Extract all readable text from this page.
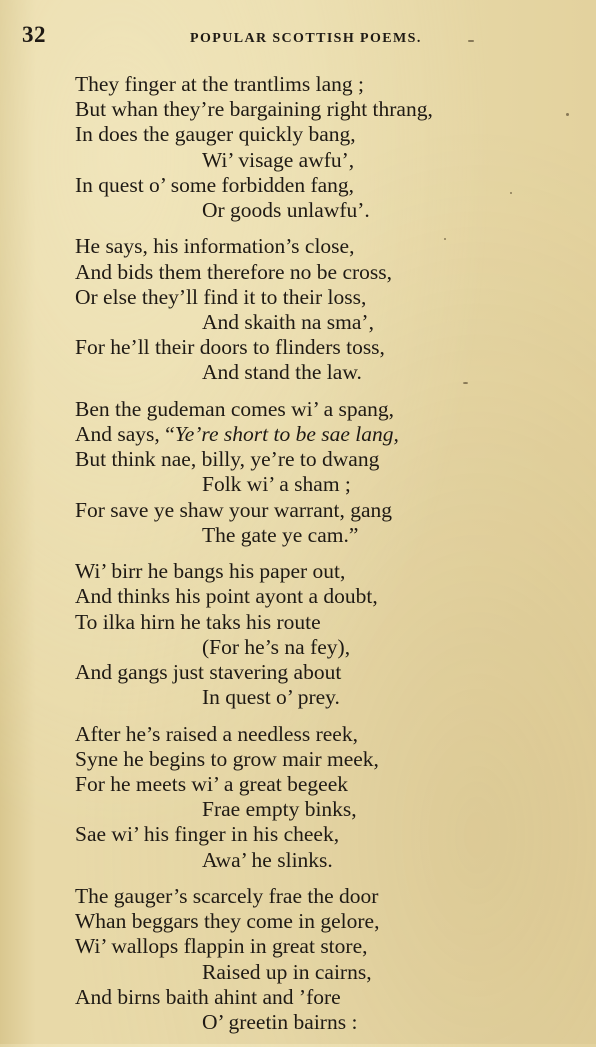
32	POPULAR SCOTTISH POEMS.
They finger at the trantlims lang ;
But whan they’re bargaining right thrang,
In does the gauger quickly bang,
Wi’ visage awfu’,
In quest o’ some forbidden fang,
Or goods unlawfu’.
He says, his information’s close,
And bids them therefore no be cross,
Or else they’ll find it to their loss,
And skaith na sma’,
For he’ll their doors to flinders toss,
And stand the law.
Ben the gudeman comes wi’ a spang,
And says, “Ye’re short to be sae lang,
But think nae, billy, ye’re to dwang
Folk wi’ a sham ;
For save ye shaw your warrant, gang
The gate ye cam.”
Wi’ birr he bangs his paper out,
And thinks his point ayont a doubt,
To ilka hirn he taks his route
(For he’s na fey),
And gangs just stavering about
In quest o’ prey.
After he’s raised a needless reek,
Syne he begins to grow mair meek,
For he meets wi’ a great begeek
Frae empty binks,
Sae wi’ his finger in his cheek,
Awa’ he slinks.
The gauger’s scarcely frae the door
Whan beggars they come in gelore,
Wi’ wallops flappin in great store,
Raised up in cairns,
And birns baith ahint and ’fore
O’ greetin bairns :
